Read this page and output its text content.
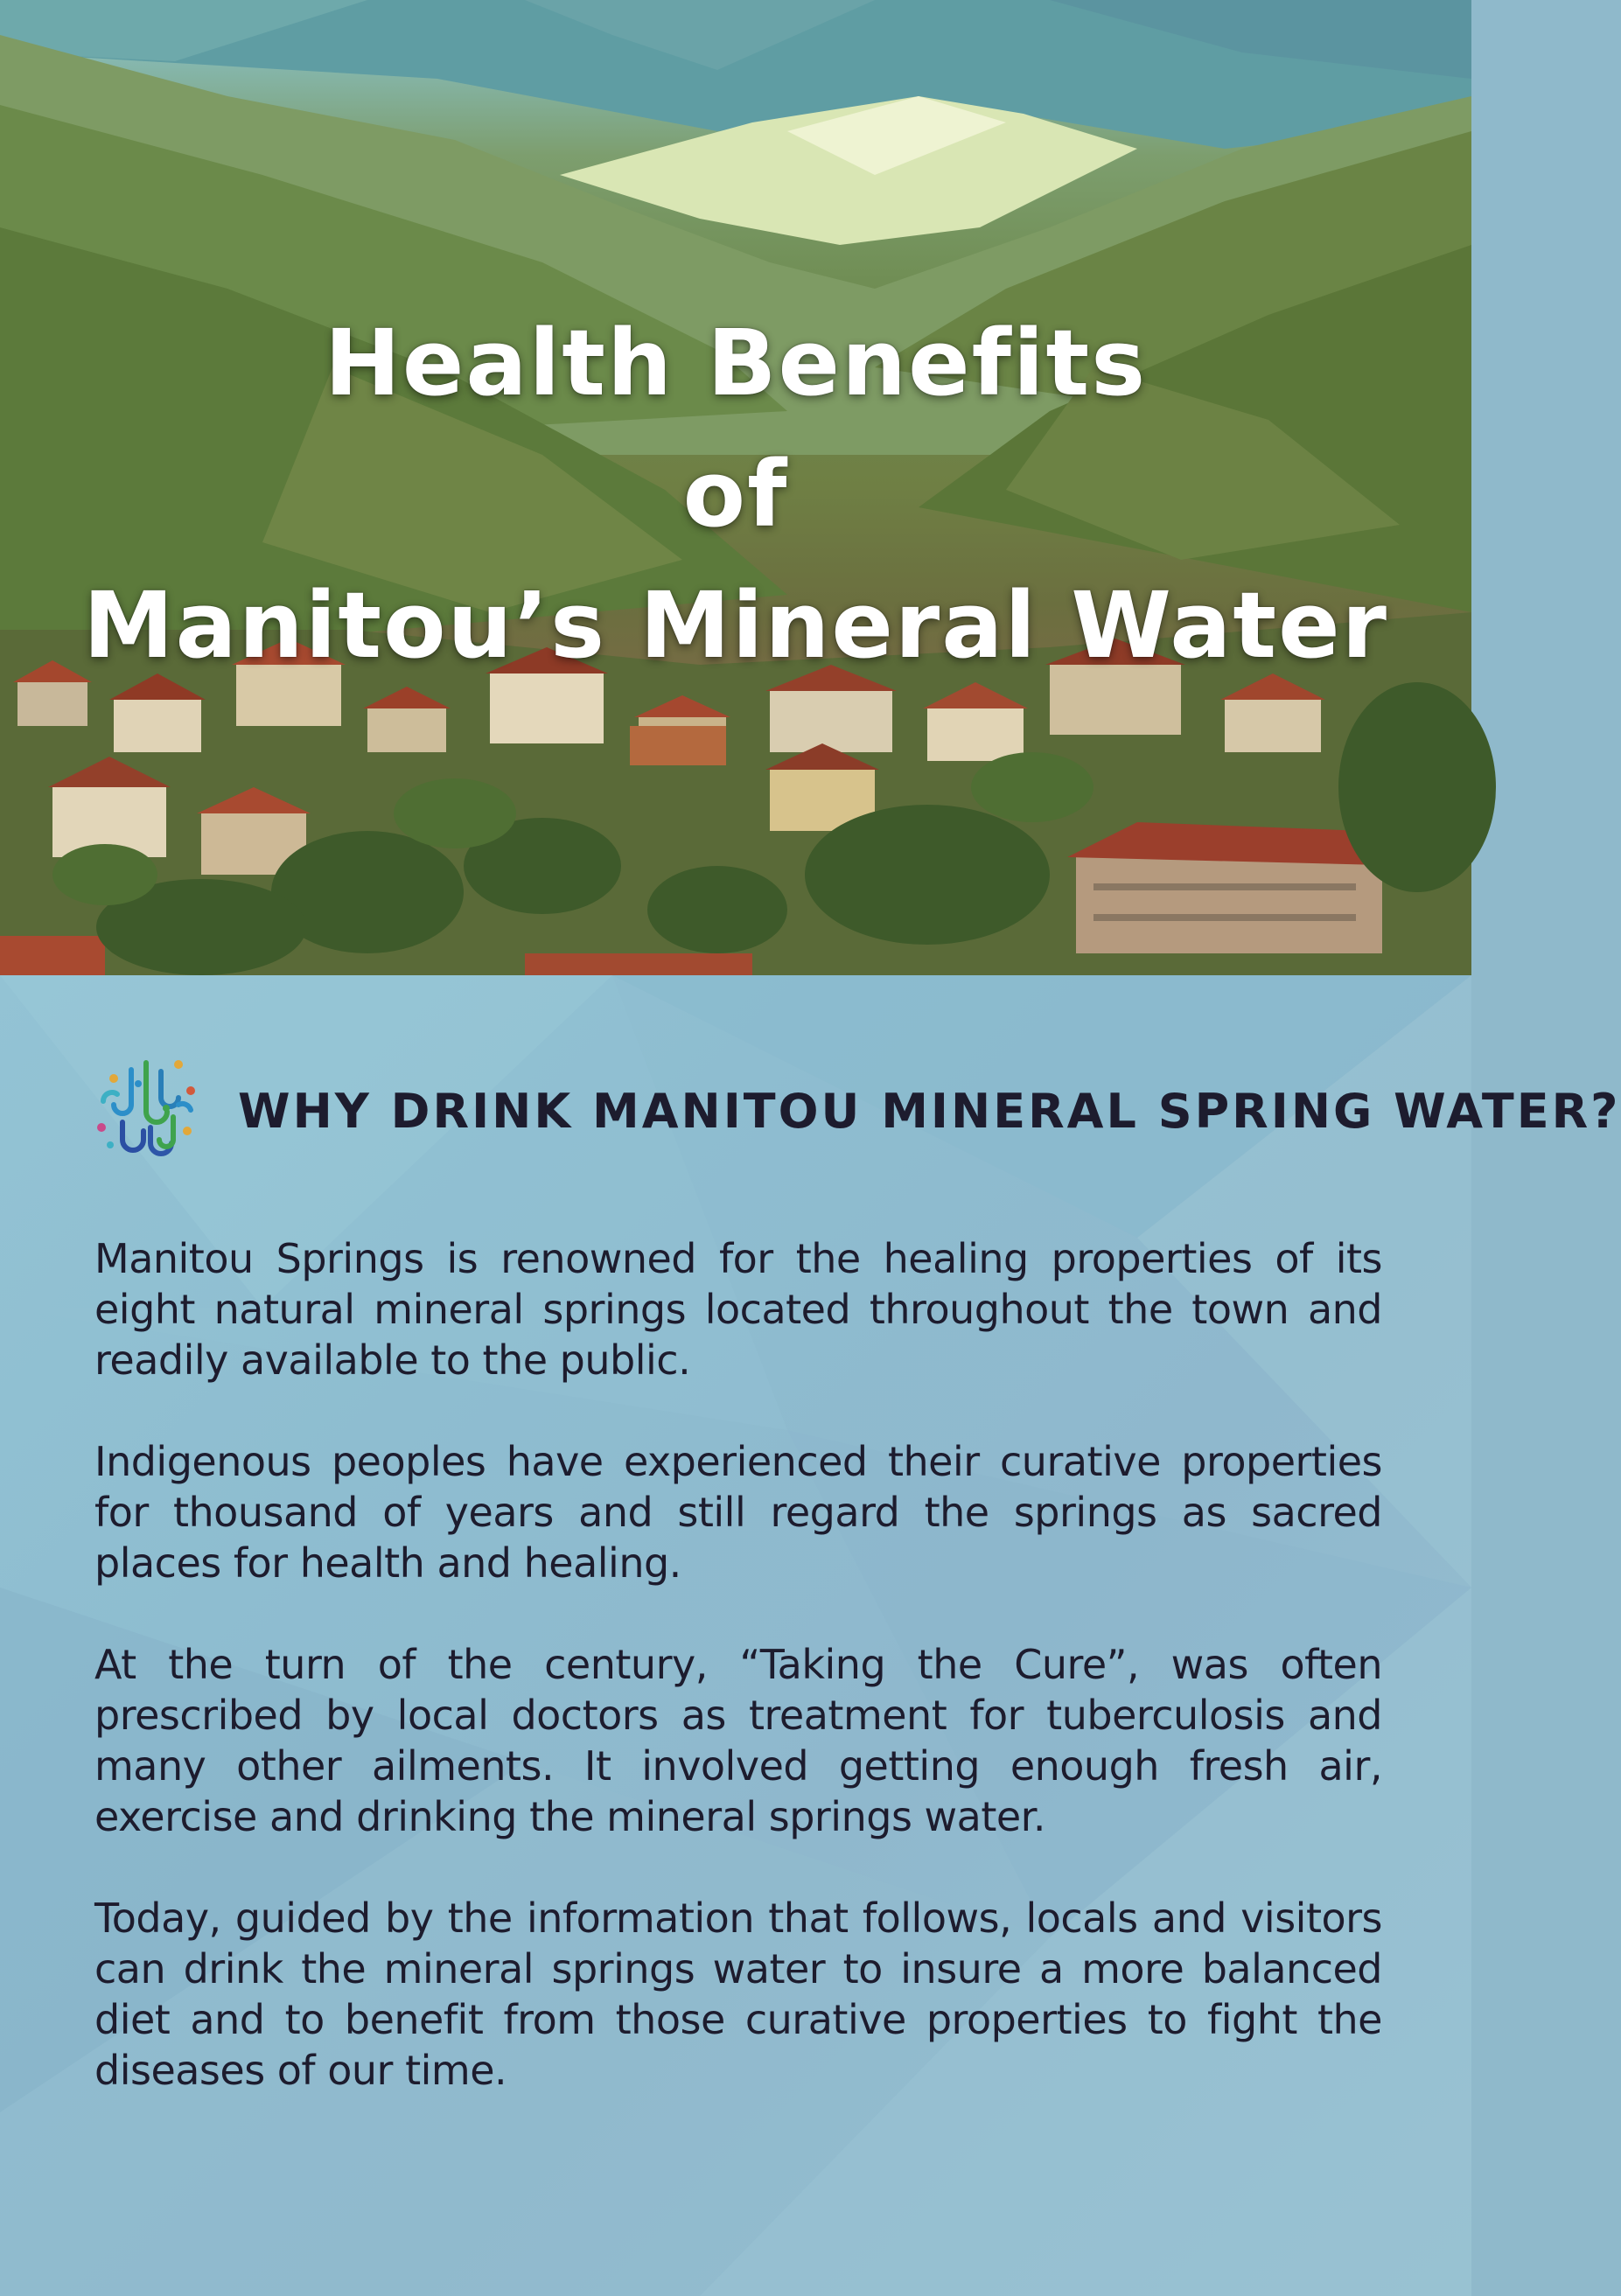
Health Benefits
of
Manitou’s Mineral Water
WHY DRINK MANITOU MINERAL SPRING WATER?

Manitou Springs is renowned for the healing properties of its eight natural mineral springs located throughout the town and readily available to the public.

Indigenous peoples have experienced their curative properties for thousand of years and still regard the springs as sacred places for health and healing.

At the turn of the century, “Taking the Cure”, was often prescribed by local doctors as treatment for tuberculosis and many other ailments. It involved getting enough fresh air, exercise and drinking the mineral springs water.

Today, guided by the information that follows, locals and visitors can drink the mineral springs water to insure a more balanced diet and to benefit from those curative properties to fight the diseases of our time.
